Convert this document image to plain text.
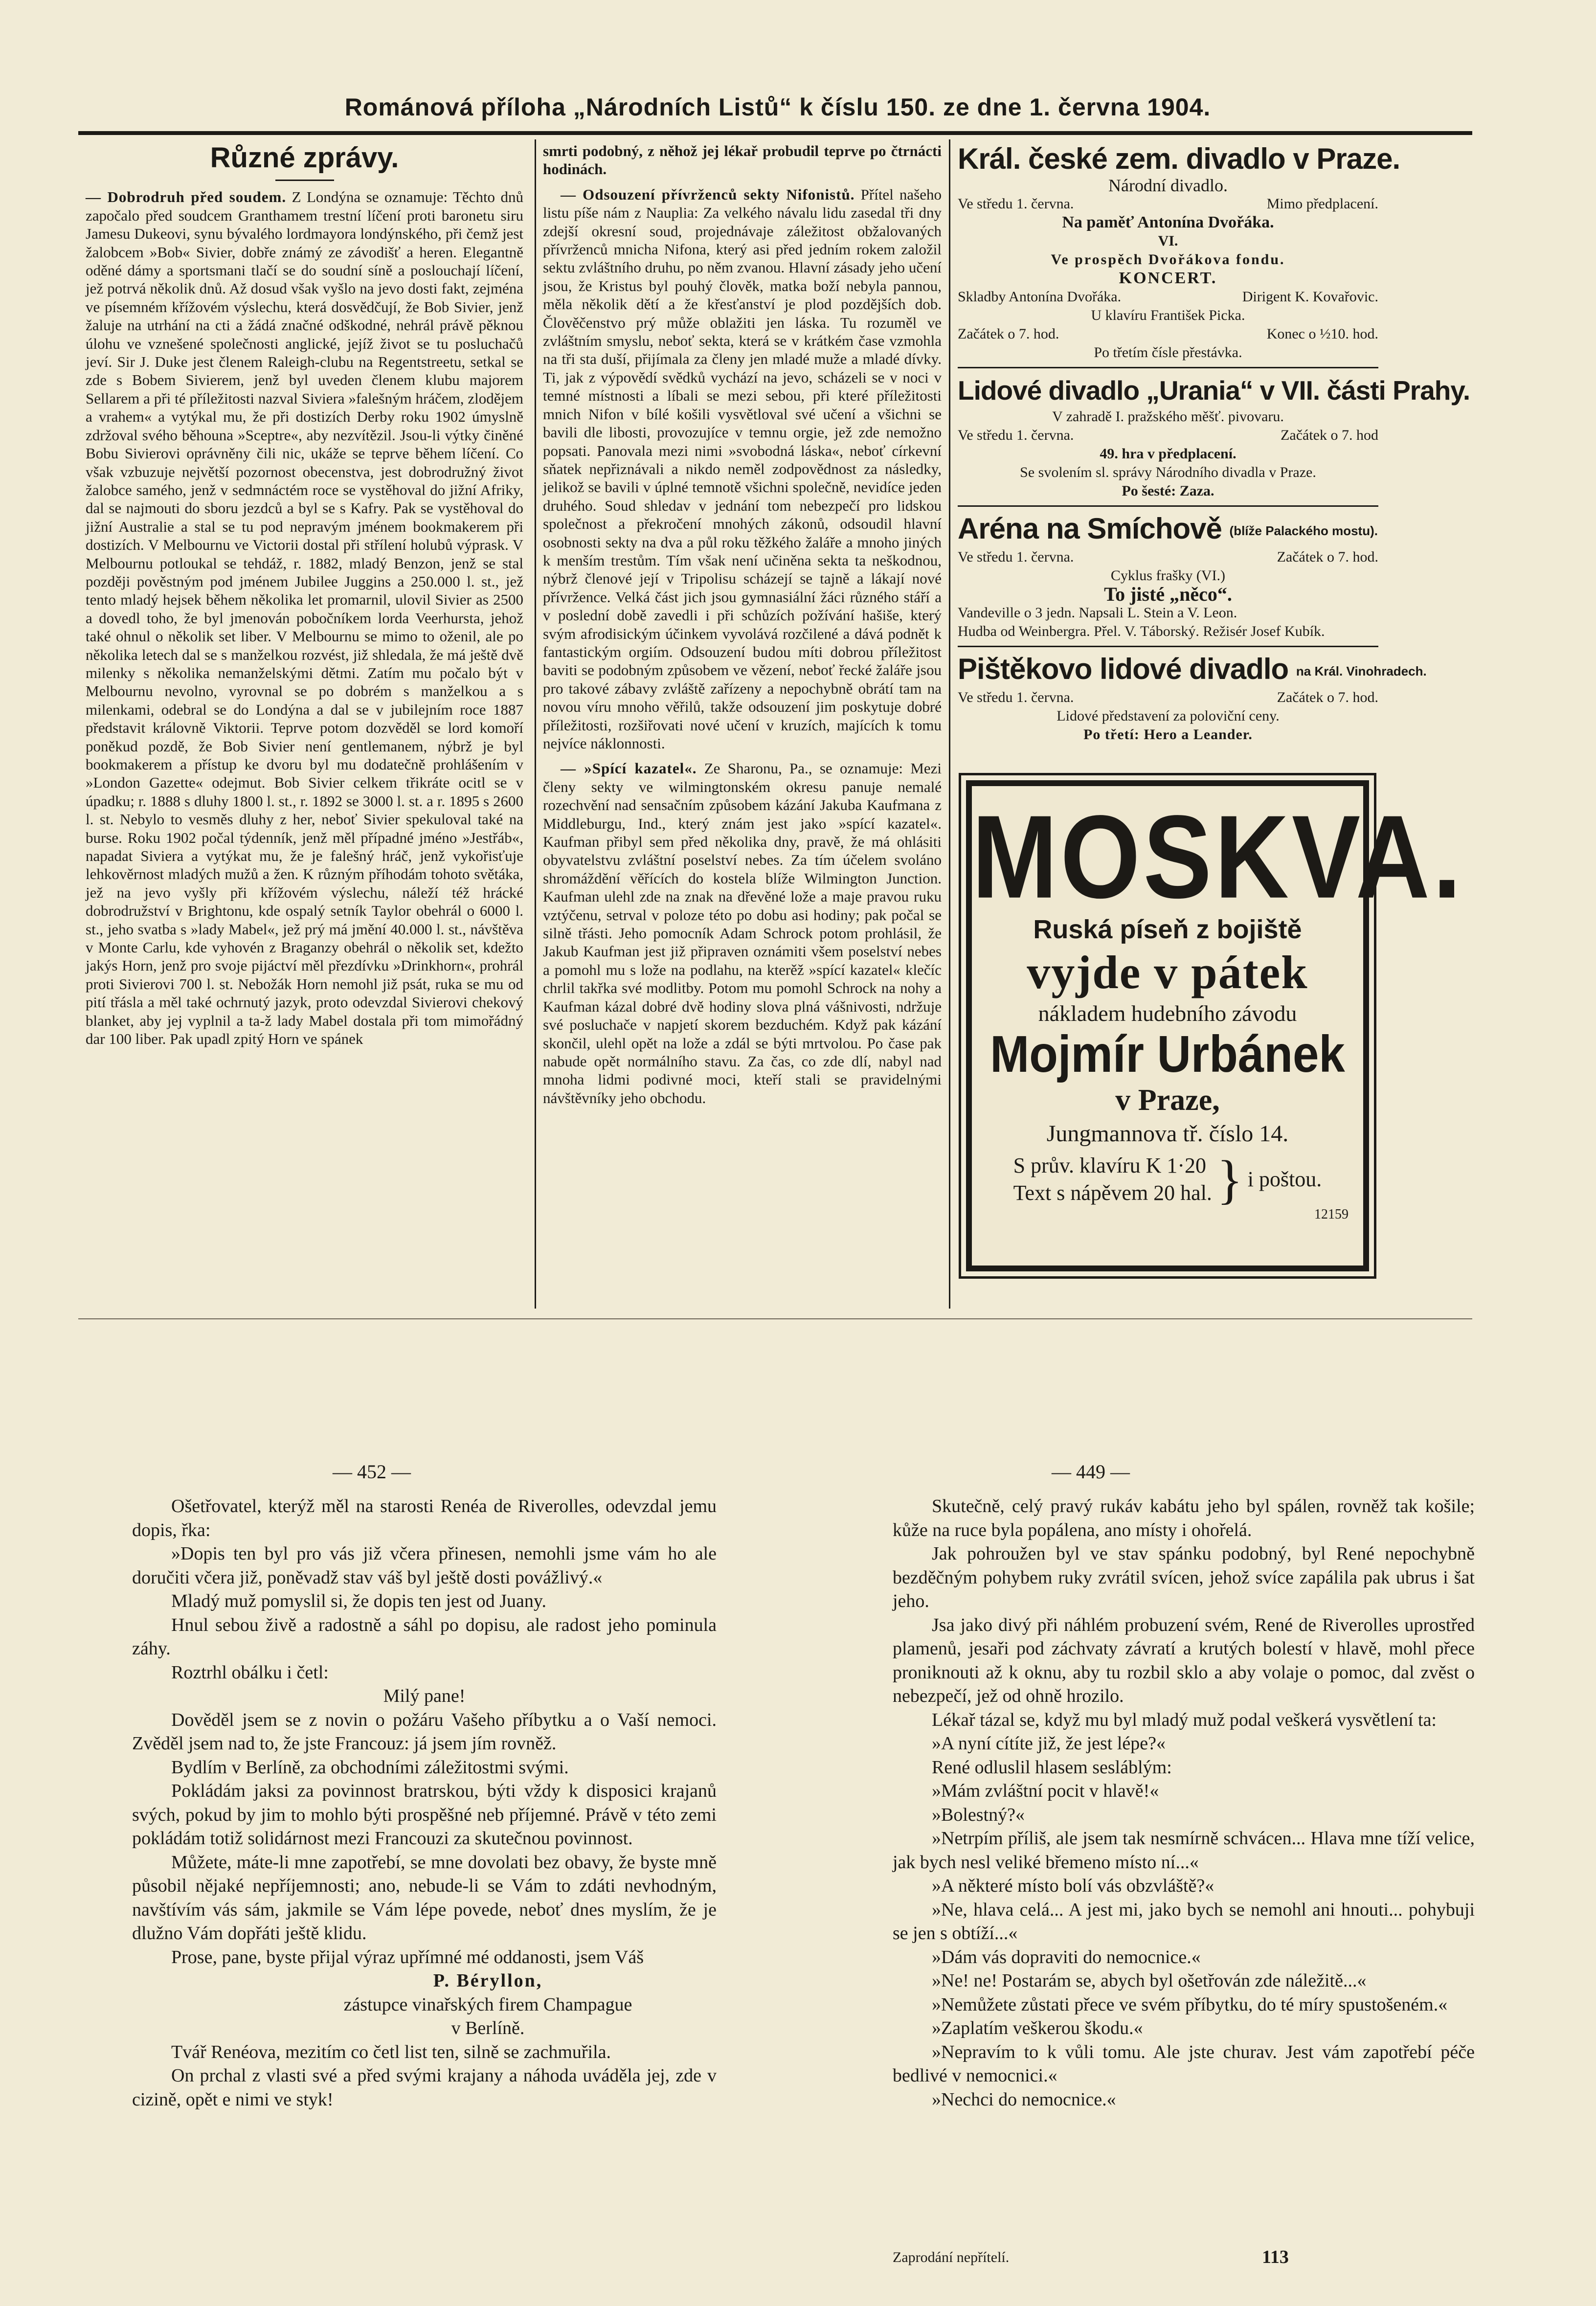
Románová příloha „Národních Listů“ k číslu 150. ze dne 1. června 1904.
Různé zprávy.

— Dobrodruh před soudem. Z Londýna se oznamuje: Těchto dnů započalo před soudcem Granthamem trestní líčení proti baronetu siru Jamesu Dukeovi, synu bývalého lordmayora londýnského, při čemž jest žalobcem »Bob« Sivier, dobře známý ze závodišť a heren. Elegantně oděné dámy a sportsmani tlačí se do soudní síně a poslouchají líčení, jež potrvá několik dnů. Až dosud však vyšlo na jevo dosti fakt, zejména ve písemném křížovém výslechu, která dosvědčují, že Bob Sivier, jenž žaluje na utrhání na cti a žádá značné odškodné, nehrál právě pěknou úlohu ve vznešené společnosti anglické, jejíž život se tu posluchačů jeví. Sir J. Duke jest členem Raleigh-clubu na Regentstreetu, setkal se zde s Bobem Sivierem, jenž byl uveden členem klubu majorem Sellarem a při té příležitosti nazval Siviera »falešným hráčem, zlodějem a vrahem« a vytýkal mu, že při dostizích Derby roku 1902 úmyslně zdržoval svého běhouna »Sceptre«, aby nezvítězil. Jsou-li výtky činěné Bobu Sivierovi oprávněny čili nic, ukáže se teprve během líčení. Co však vzbuzuje největší pozornost obecenstva, jest dobrodružný život žalobce samého, jenž v sedmnáctém roce se vystěhoval do jižní Afriky, dal se najmouti do sboru jezdců a byl se s Kafry. Pak se vystěhoval do jižní Australie a stal se tu pod nepravým jménem bookmakerem při dostizích. V Melbournu ve Victorii dostal při střílení holubů výprask. V Melbournu potloukal se tehdáž, r. 1882, mladý Benzon, jenž se stal později pověstným pod jménem Jubilee Juggins a 250.000 l. st., jež tento mladý hejsek během několika let promarnil, ulovil Sivier as 2500 a dovedl toho, že byl jmenován pobočníkem lorda Veerhursta, jehož také ohnul o několik set liber. V Melbournu se mimo to oženil, ale po několika letech dal se s manželkou rozvést, již shledala, že má ještě dvě milenky s několika nemanželskými dětmi. Zatím mu počalo být v Melbournu nevolno, vyrovnal se po dobrém s manželkou a s milenkami, odebral se do Londýna a dal se v jubilejním roce 1887 představit královně Viktorii. Teprve potom dozvěděl se lord komoří poněkud pozdě, že Bob Sivier není gentlemanem, nýbrž je byl bookmakerem a přístup ke dvoru byl mu dodatečně prohlášením v »London Gazette« odejmut. Bob Sivier celkem třikráte ocitl se v úpadku; r. 1888 s dluhy 1800 l. st., r. 1892 se 3000 l. st. a r. 1895 s 2600 l. st. Nebylo to vesměs dluhy z her, neboť Sivier spekuloval také na burse. Roku 1902 počal týdenník, jenž měl případné jméno »Jestřáb«, napadat Siviera a vytýkat mu, že je falešný hráč, jenž vykořisťuje lehkověrnost mladých mužů a žen. K různým příhodám tohoto světáka, jež na jevo vyšly při křížovém výslechu, náleží též hrácké dobrodružství v Brightonu, kde ospalý setník Taylor obehrál o 6000 l. st., jeho svatba s »lady Mabel«, jež prý má jmění 40.000 l. st., návštěva v Monte Carlu, kde vyhovén z Braganzy obehrál o několik set, kdežto jakýs Horn, jenž pro svoje pijáctví měl přezdívku »Drinkhorn«, prohrál proti Sivierovi 700 l. st. Nebožák Horn nemohl již psát, ruka se mu od pití třásla a měl také ochrnutý jazyk, proto odevzdal Sivierovi chekový blanket, aby jej vyplnil a ta-ž lady Mabel dostala při tom mimořádný dar 100 liber. Pak upadl zpitý Horn ve spánek

smrti podobný, z něhož jej lékař probudil teprve po čtrnácti hodinách.

— Odsouzení přívrženců sekty Nifonistů. Přítel našeho listu píše nám z Nauplia: Za velkého návalu lidu zasedal tři dny zdejší okresní soud, projednávaje záležitost obžalovaných přívrženců mnicha Nifona, který asi před jedním rokem založil sektu zvláštního druhu, po něm zvanou. Hlavní zásady jeho učení jsou, že Kristus byl pouhý člověk, matka boží nebyla pannou, měla několik dětí a že křesťanství je plod pozdějších dob. Člověčenstvo prý může oblažiti jen láska. Tu rozuměl ve zvláštním smyslu, neboť sekta, která se v krátkém čase vzmohla na tři sta duší, přijímala za členy jen mladé muže a mladé dívky. Ti, jak z výpovědí svědků vychází na jevo, scházeli se v noci v temné místnosti a líbali se mezi sebou, při které příležitosti mnich Nifon v bílé košili vysvětloval své učení a všichni se bavili dle libosti, provozujíce v temnu orgie, jež zde nemožno popsati. Panovala mezi nimi »svobodná láska«, neboť církevní sňatek nepřiznávali a nikdo neměl zodpovědnost za následky, jelikož se bavili v úplné temnotě všichni společně, nevidíce jeden druhého. Soud shledav v jednání tom nebezpečí pro lidskou společnost a překročení mnohých zákonů, odsoudil hlavní osobnosti sekty na dva a půl roku těžkého žaláře a mnoho jiných k menším trestům. Tím však není učiněna sekta ta neškodnou, nýbrž členové její v Tripolisu scházejí se tajně a lákají nové přívržence. Velká část jich jsou gymnasiální žáci různého stáří a v poslední době zavedli i při schůzích požívání hašiše, který svým afrodisickým účinkem vyvolává rozčilené a dává podnět k fantastickým orgiím. Odsouzení budou míti dobrou příležitost baviti se podobným způsobem ve vězení, neboť řecké žaláře jsou pro takové zábavy zvláště zařízeny a nepochybně obrátí tam na novou víru mnoho věřilů, takže odsouzení jim poskytuje dobré příležitosti, rozšiřovati nové učení v kruzích, majících k tomu nejvíce náklonnosti.

— »Spící kazatel«. Ze Sharonu, Pa., se oznamuje: Mezi členy sekty ve wilmingtonském okresu panuje nemalé rozechvění nad sensačním způsobem kázání Jakuba Kaufmana z Middleburgu, Ind., který znám jest jako »spící kazatel«. Kaufman přibyl sem před několika dny, pravě, že má ohlásiti obyvatelstvu zvláštní poselství nebes. Za tím účelem svoláno shromáždění věřících do kostela blíže Wilmington Junction. Kaufman ulehl zde na znak na dřevěné lože a maje pravou ruku vztýčenu, setrval v poloze této po dobu asi hodiny; pak počal se silně třásti. Jeho pomocník Adam Schrock potom prohlásil, že Jakub Kaufman jest již připraven oznámiti všem poselství nebes a pomohl mu s lože na podlahu, na kterěž »spící kazatel« klečíc chrlil takřka své modlitby. Potom mu pomohl Schrock na nohy a Kaufman kázal dobré dvě hodiny slova plná vášnivosti, ndržuje své posluchače v napjetí skorem bezduchém. Když pak kázání skončil, ulehl opět na lože a zdál se býti mrtvolou. Po čase pak nabude opět normálního stavu. Za čas, co zde dlí, nabyl nad mnoha lidmi podivné moci, kteří stali se pravidelnými návštěvníky jeho obchodu.

Král. české zem. divadlo v Praze.
Národní divadlo.
Ve středu 1. června.	Mimo předplacení.
Na paměť Antonína Dvořáka.
VI.
Ve prospěch Dvořákova fondu.
KONCERT.
Skladby Antonína Dvořáka.	Dirigent K. Kovařovic.
U klavíru František Picka.
Začátek o 7. hod.	Konec o ½10. hod.
Po třetím čísle přestávka.
Lidové divadlo „Urania“ v VII. části Prahy.
V zahradě I. pražského měšť. pivovaru.
Ve středu 1. června.	Začátek o 7. hod
49. hra v předplacení.
Se svolením sl. správy Národního divadla v Praze.
Po šesté: Zaza.
Aréna na Smíchově (blíže Palackého mostu).
Ve středu 1. června.	Začátek o 7. hod.
Cyklus frašky (VI.)
To jisté „něco“.
Vandeville o 3 jedn. Napsali L. Stein a V. Leon.
Hudba od Weinbergra. Přel. V. Táborský. Režisér Josef Kubík.
Pištěkovo lidové divadlo na Král. Vinohradech.
Ve středu 1. června.	Začátek o 7. hod.
Lidové představení za poloviční ceny.
Po třetí: Hero a Leander.
MOSKVA.
Ruská píseň z bojiště
vyjde v pátek
nákladem hudebního závodu
Mojmír Urbánek
v Praze,
Jungmannova tř. číslo 14.
S prův. klavíru K 1·20
Text s nápěvem 20 hal. } i poštou.
12159
— 452 —

Ošetřovatel, kterýž měl na starosti Renéa de Riverolles, odevzdal jemu dopis, řka:

»Dopis ten byl pro vás již včera přinesen, nemohli jsme vám ho ale doručiti včera již, poněvadž stav váš byl ještě dosti povážlivý.«

Mladý muž pomyslil si, že dopis ten jest od Juany.

Hnul sebou živě a radostně a sáhl po dopisu, ale radost jeho pominula záhy.

Roztrhl obálku i četl:

Milý pane!

Dověděl jsem se z novin o požáru Vašeho příbytku a o Vaší nemoci. Zvěděl jsem nad to, že jste Francouz: já jsem jím rovněž.

Bydlím v Berlíně, za obchodními záležitostmi svými.

Pokládám jaksi za povinnost bratrskou, býti vždy k disposici krajanů svých, pokud by jim to mohlo býti prospěšné neb příjemné. Právě v této zemi pokládám totiž solidárnost mezi Francouzi za skutečnou povinnost.

Můžete, máte-li mne zapotřebí, se mne dovolati bez obavy, že byste mně působil nějaké nepříjemnosti; ano, nebude-li se Vám to zdáti nevhodným, navštívím vás sám, jakmile se Vám lépe povede, neboť dnes myslím, že je dlužno Vám dopřáti ještě klidu.

Prose, pane, byste přijal výraz upřímné mé oddanosti, jsem Váš

P. Béryllon,

zástupce vinařských firem Champague

v Berlíně.

Tvář Renéova, mezitím co četl list ten, silně se zachmuřila.

On prchal z vlasti své a před svými krajany a náhoda uváděla jej, zde v cizině, opět e nimi ve styk!

— 449 —

Skutečně, celý pravý rukáv kabátu jeho byl spálen, rovněž tak košile; kůže na ruce byla popálena, ano místy i ohořelá.

Jak pohroužen byl ve stav spánku podobný, byl René nepochybně bezděčným pohybem ruky zvrátil svícen, jehož svíce zapálila pak ubrus i šat jeho.

Jsa jako divý při náhlém probuzení svém, René de Riverolles uprostřed plamenů, jesaři pod záchvaty závratí a krutých bolestí v hlavě, mohl přece proniknouti až k oknu, aby tu rozbil sklo a aby volaje o pomoc, dal zvěst o nebezpečí, jež od ohně hrozilo.

Lékař tázal se, když mu byl mladý muž podal veškerá vysvětlení ta:

»A nyní cítíte již, že jest lépe?«

René odluslil hlasem sesláblým:

»Mám zvláštní pocit v hlavě!«

»Bolestný?«

»Netrpím příliš, ale jsem tak nesmírně schvácen... Hlava mne tíží velice, jak bych nesl veliké břemeno místo ní...«

»A některé místo bolí vás obzvláště?«

»Ne, hlava celá... A jest mi, jako bych se nemohl ani hnouti... pohybuji se jen s obtíží...«

»Dám vás dopraviti do nemocnice.«

»Ne! ne! Postarám se, abych byl ošetřován zde náležitě...«

»Nemůžete zůstati přece ve svém příbytku, do té míry spustošeném.«

»Zaplatím veškerou škodu.«

»Nepravím to k vůli tomu. Ale jste churav. Jest vám zapotřebí péče bedlivé v nemocnici.«

»Nechci do nemocnice.«

Zaprodání nepřítelí.	113
